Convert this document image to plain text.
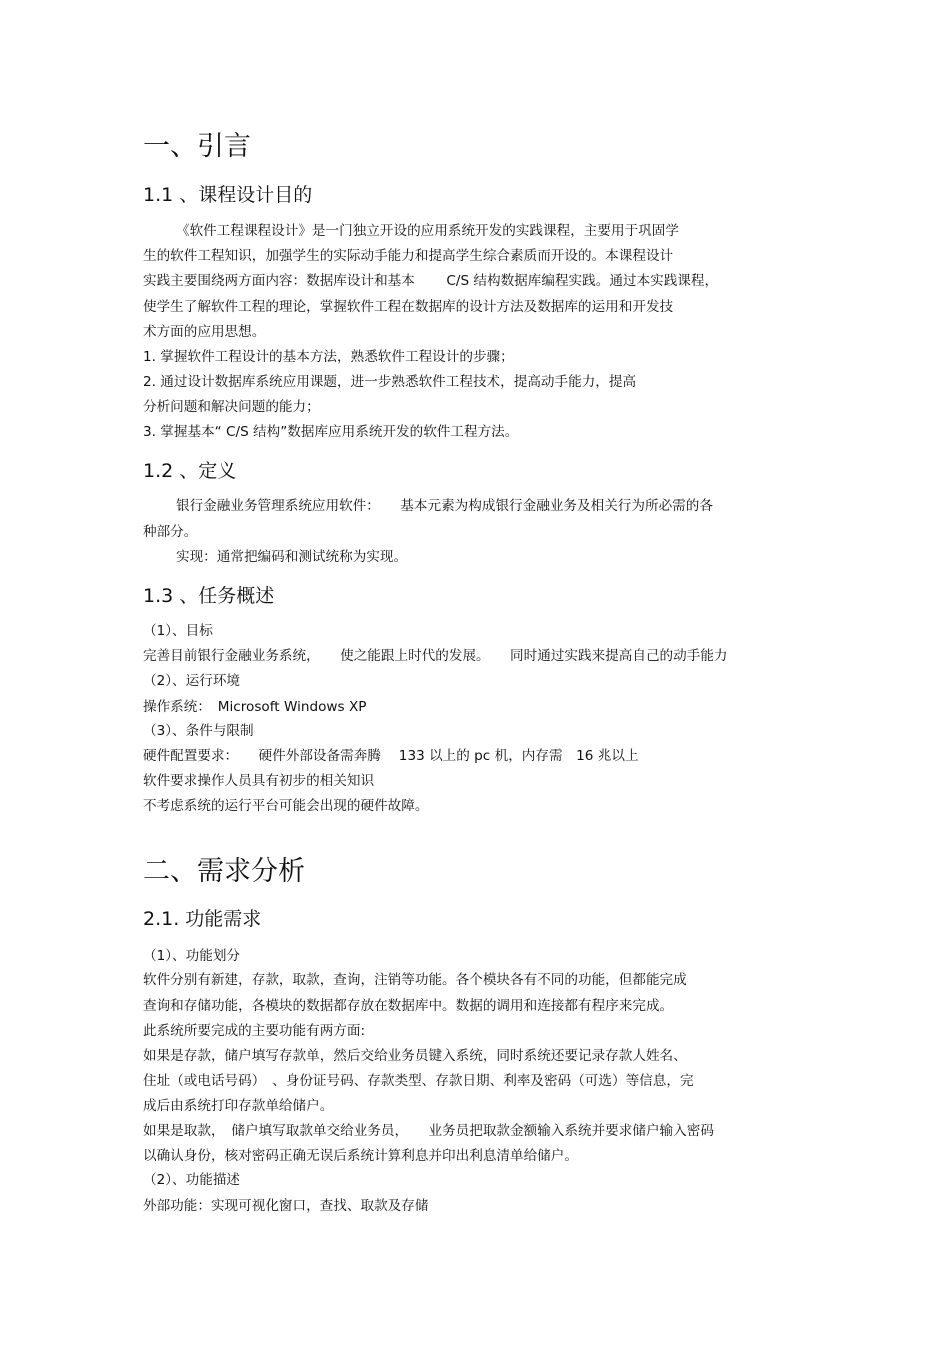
一、引言
1.1 、课程设计目的
《软件工程课程设计》是一门独立开设的应用系统开发的实践课程，主要用于巩固学
生的软件工程知识，加强学生的实际动手能力和提高学生综合素质而开设的。本课程设计
实践主要围绕两方面内容：数据库设计和基本　　 C/S 结构数据库编程实践。通过本实践课程，
使学生了解软件工程的理论，掌握软件工程在数据库的设计方法及数据库的运用和开发技
术方面的应用思想。
1. 掌握软件工程设计的基本方法，熟悉软件工程设计的步骤；
2. 通过设计数据库系统应用课题，进一步熟悉软件工程技术，提高动手能力，提高
分析问题和解决问题的能力；
3. 掌握基本“ C/S 结构”数据库应用系统开发的软件工程方法。
1.2 、定义
银行金融业务管理系统应用软件：　　基本元素为构成银行金融业务及相关行为所必需的各
种部分。
实现：通常把编码和测试统称为实现。
1.3 、任务概述
（1）、目标
完善目前银行金融业务系统，　　使之能跟上时代的发展。　　同时通过实践来提高自己的动手能力
（2）、运行环境
操作系统：　Microsoft Windows XP
（3）、条件与限制
硬件配置要求：　　硬件外部设备需奔腾　 133 以上的 pc 机，内存需　16 兆以上
软件要求操作人员具有初步的相关知识
不考虑系统的运行平台可能会出现的硬件故障。
二、需求分析
2.1. 功能需求
（1）、功能划分
软件分别有新建，存款，取款，查询，注销等功能。各个模块各有不同的功能，但都能完成
查询和存储功能，各模块的数据都存放在数据库中。数据的调用和连接都有程序来完成。
此系统所要完成的主要功能有两方面:
如果是存款，储户填写存款单，然后交给业务员键入系统，同时系统还要记录存款人姓名、
住址（或电话号码）　、身份证号码、存款类型、存款日期、利率及密码（可选）等信息，完
成后由系统打印存款单给储户。
如果是取款，　储户填写取款单交给业务员，　　业务员把取款金额输入系统并要求储户输入密码
以确认身份，核对密码正确无误后系统计算利息并印出利息清单给储户。
（2）、功能描述
外部功能：实现可视化窗口，查找、取款及存储
